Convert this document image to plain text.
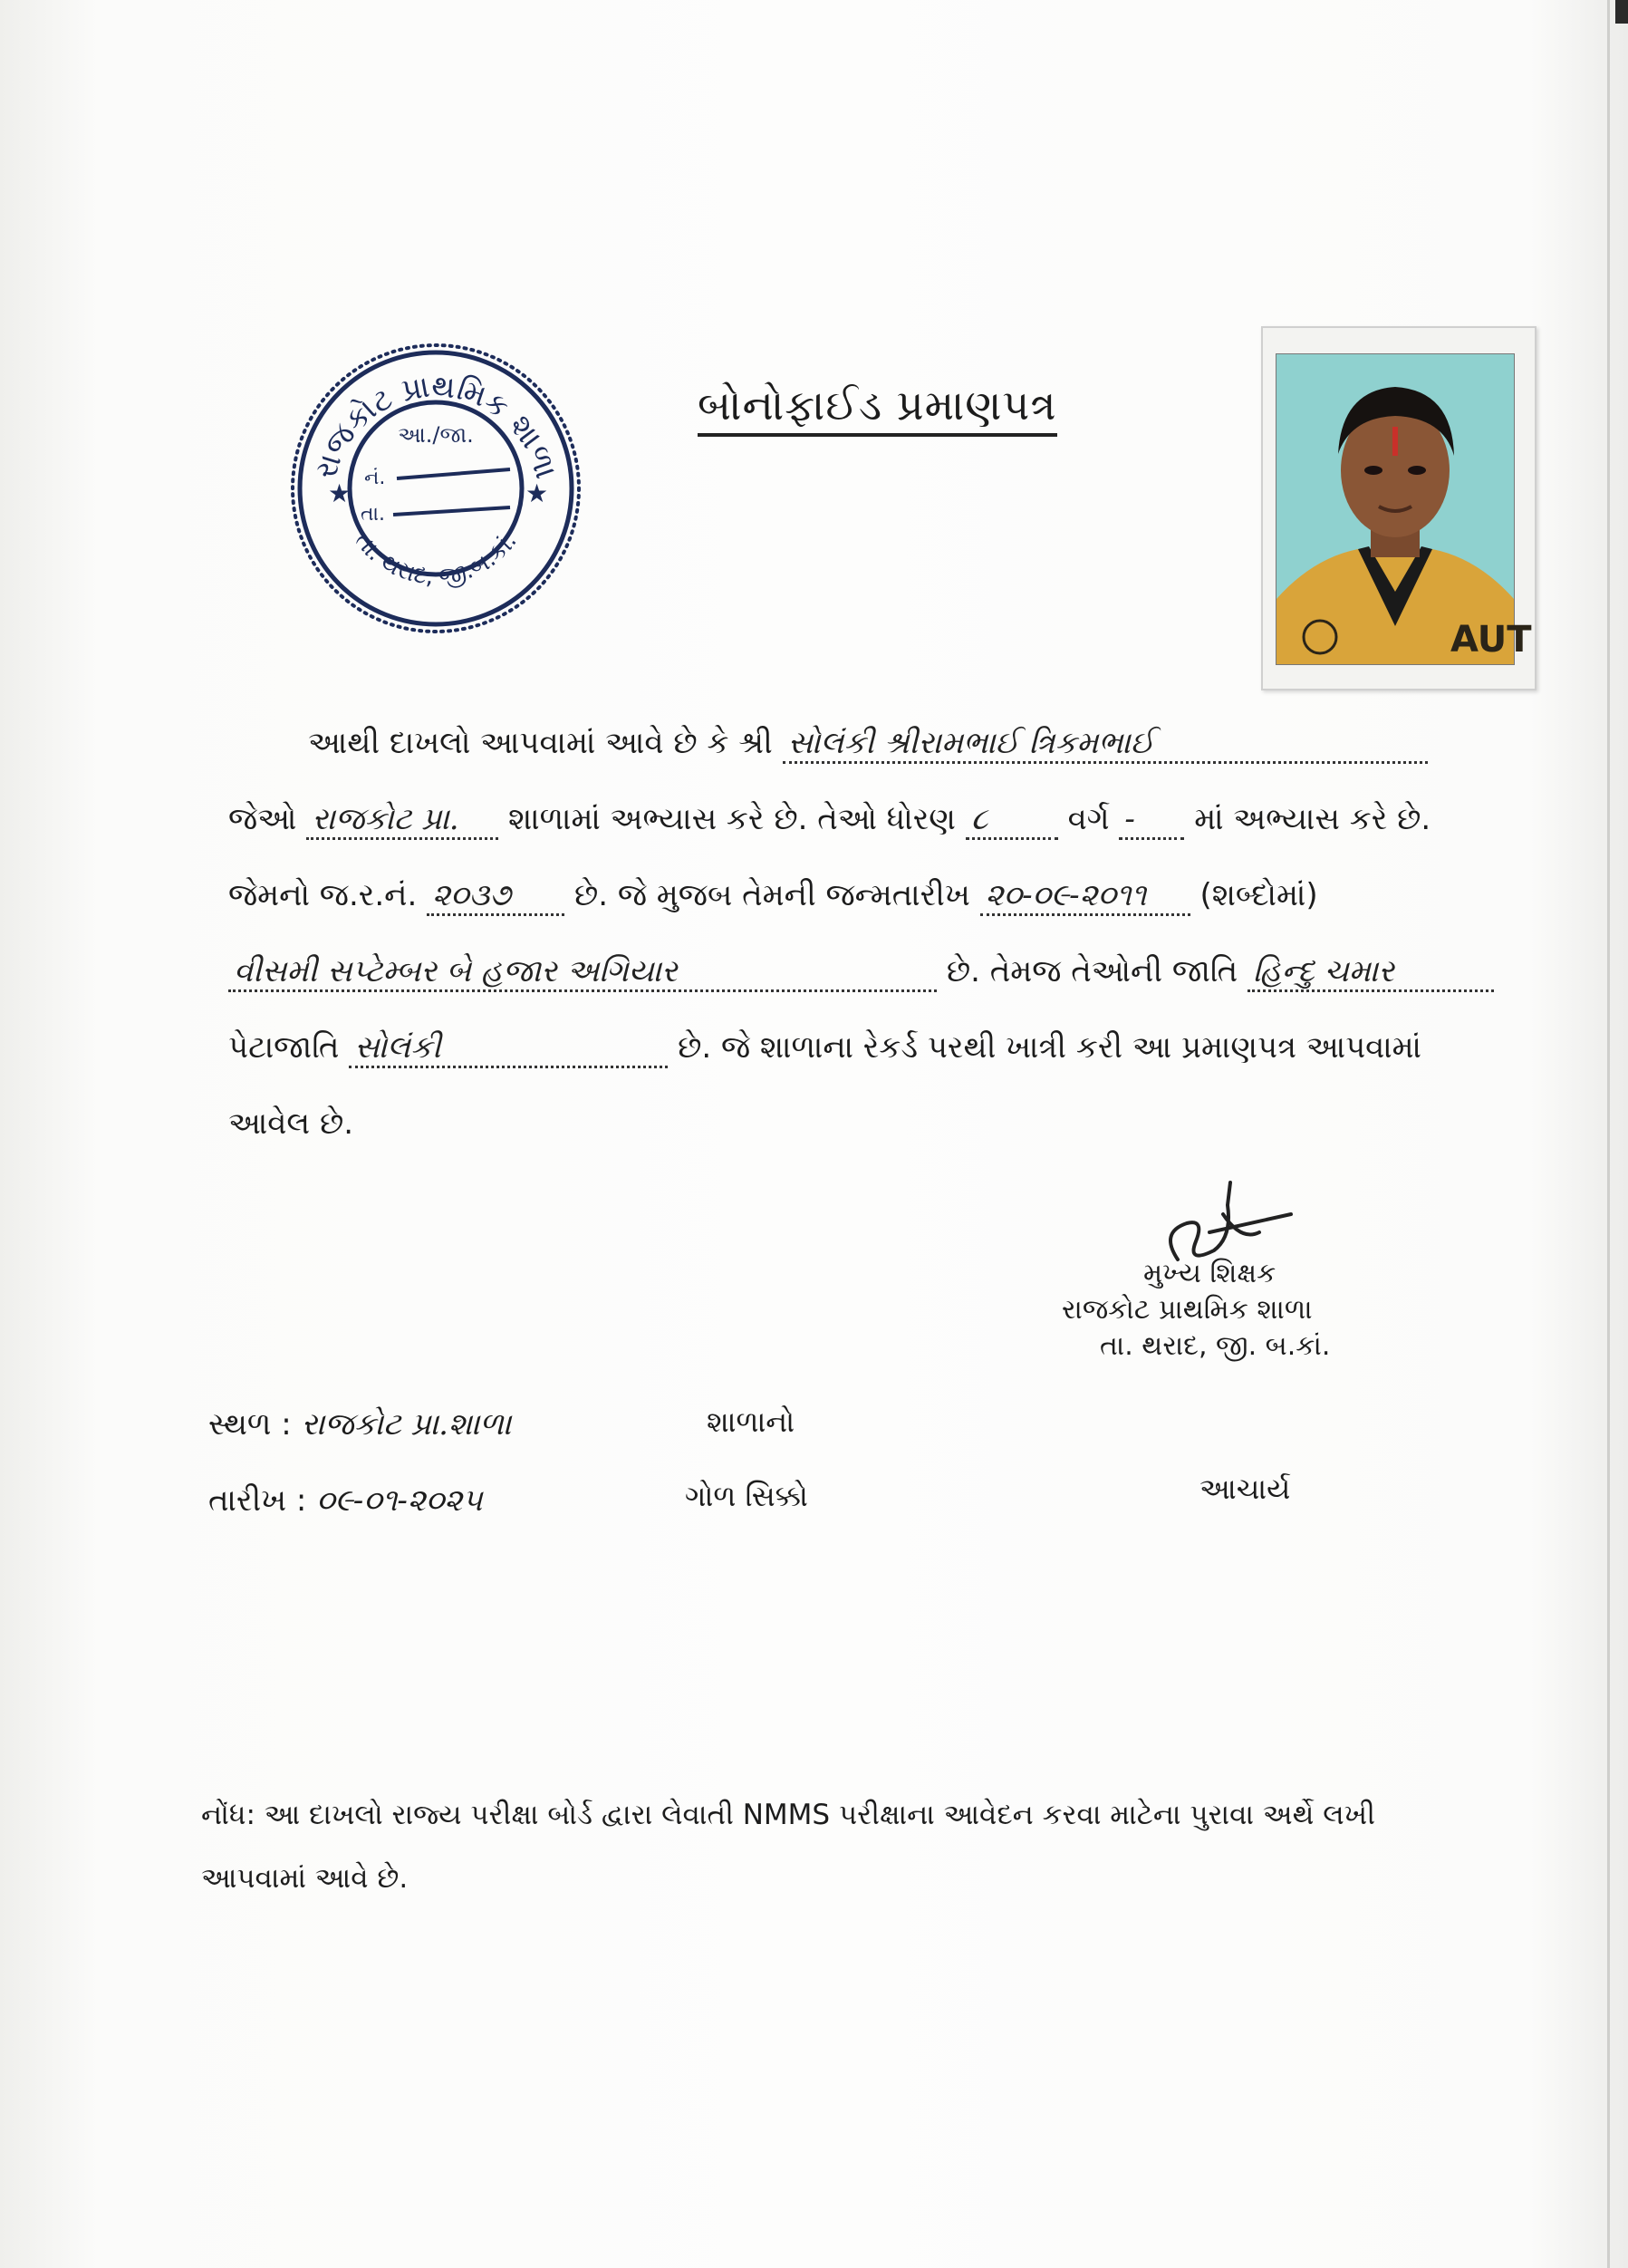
રાજકોટ પ્રાથમિક શાળા
તા. થરાદ, જી.બ.કાં.
★	★
આ./જા.
નં.
તા.
બોનોફાઈડ પ્રમાણપત્ર
AUT
આથી દાખલો આપવામાં આવે છે કે શ્રી સોલંકી શ્રીરામભાઈ ત્રિકમભાઈ
જેઓ રાજકોટ પ્રા. શાળામાં અભ્યાસ કરે છે. તેઓ ધોરણ ૮	વર્ગ - માં અભ્યાસ કરે છે.
જેમનો જ.ર.નં. ૨૦૩૭ છે. જે મુજબ તેમની જન્મતારીખ ૨૦-૦૯-૨૦૧૧ (શબ્દોમાં)
વીસમી સપ્ટેમ્બર બે હજાર અગિયાર	છે. તેમજ તેઓની જાતિ હિન્દુ ચમાર
પેટાજાતિ સોલંકી	છે. જે શાળાના રેકર્ડ પરથી ખાત્રી કરી આ પ્રમાણપત્ર આપવામાં
આવેલ છે.
મુખ્ય શિક્ષક
રાજકોટ પ્રાથમિક શાળા
તા. થરાદ, જી. બ.કાં.
સ્થળ : રાજકોટ પ્રા.શાળા	શાળાનો
તારીખ : ૦૯-૦૧-૨૦૨૫	ગોળ સિક્કો	આચાર્ય
નોંધ: આ દાખલો રાજ્ય પરીક્ષા બોર્ડ દ્વારા લેવાતી NMMS પરીક્ષાના આવેદન કરવા માટેના પુરાવા અર્થે લખી આપવામાં આવે છે.
